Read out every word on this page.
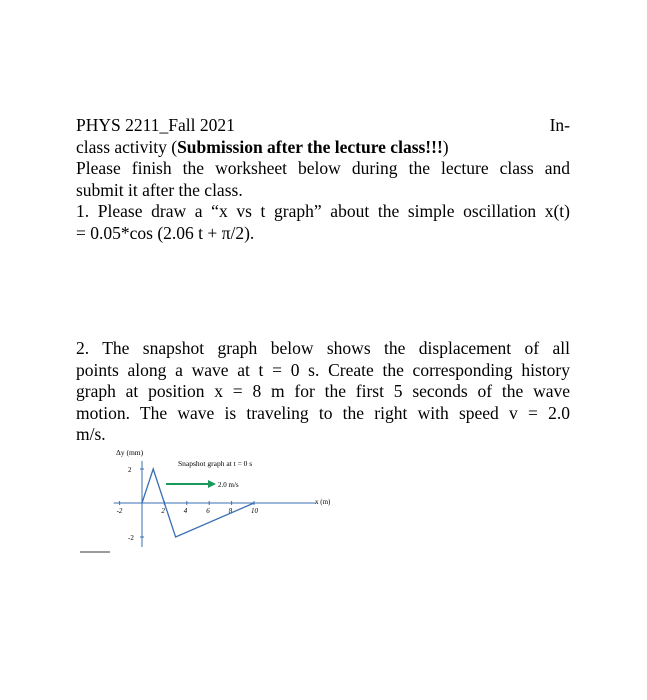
PHYS 2211_Fall 2021	In-
class activity (Submission after the lecture class!!!)
Please finish the worksheet below during the lecture class and
submit it after the class.
1. Please draw a “x vs t graph” about the simple oscillation x(t)
= 0.05*cos (2.06 t + π/2).
2. The snapshot graph below shows the displacement of all
points along a wave at t = 0 s. Create the corresponding history
graph at position x = 8 m for the first 5 seconds of the wave
motion. The wave is traveling to the right with speed v = 2.0
m/s.
Δy (mm)
Snapshot graph at t = 0 s
2.0 m/s
x (m)
-2	2	4	6	8	10
2
-2
